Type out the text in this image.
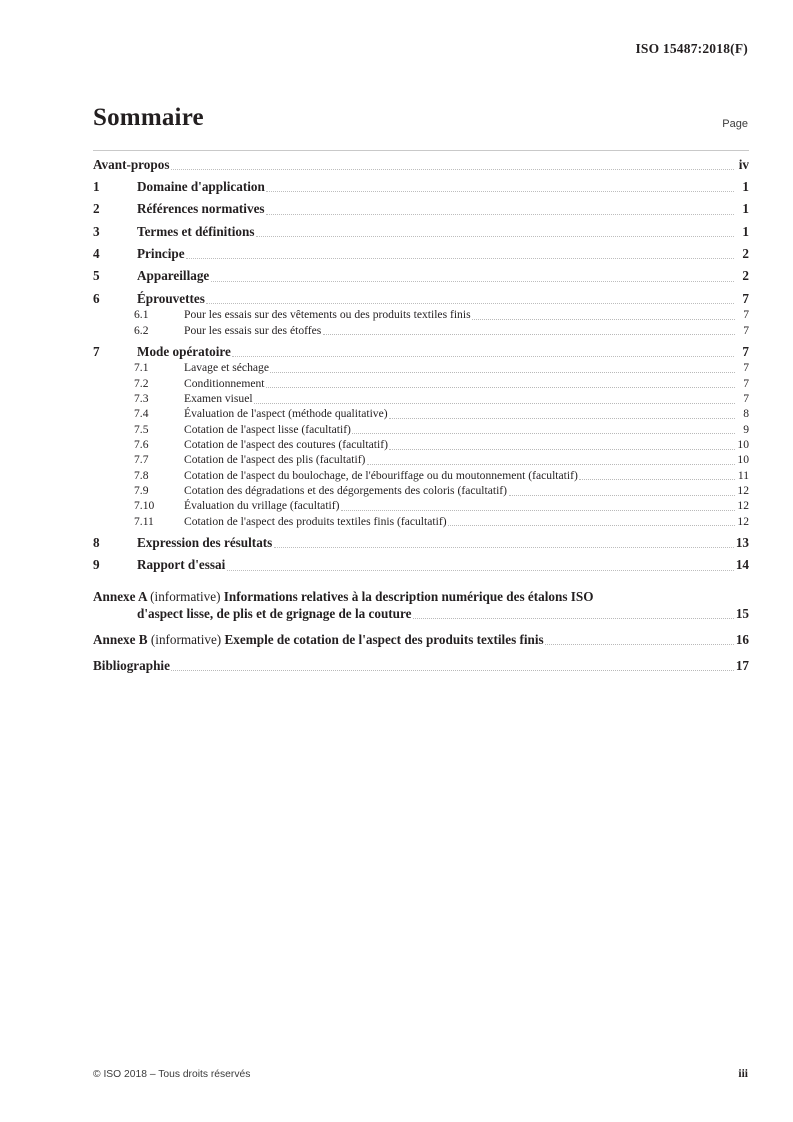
ISO 15487:2018(F)
Sommaire	Page
Avant-propos	iv
1	Domaine d'application	1
2	Références normatives	1
3	Termes et définitions	1
4	Principe	2
5	Appareillage	2
6	Éprouvettes	7
6.1	Pour les essais sur des vêtements ou des produits textiles finis	7
6.2	Pour les essais sur des étoffes	7
7	Mode opératoire	7
7.1	Lavage et séchage	7
7.2	Conditionnement	7
7.3	Examen visuel	7
7.4	Évaluation de l'aspect (méthode qualitative)	8
7.5	Cotation de l'aspect lisse (facultatif)	9
7.6	Cotation de l'aspect des coutures (facultatif)	10
7.7	Cotation de l'aspect des plis (facultatif)	10
7.8	Cotation de l'aspect du boulochage, de l'ébouriffage ou du moutonnement (facultatif)	11
7.9	Cotation des dégradations et des dégorgements des coloris (facultatif)	12
7.10	Évaluation du vrillage (facultatif)	12
7.11	Cotation de l'aspect des produits textiles finis (facultatif)	12
8	Expression des résultats	13
9	Rapport d'essai	14
Annexe A (informative) Informations relatives à la description numérique des étalons ISO
d'aspect lisse, de plis et de grignage de la couture	15
Annexe B (informative) Exemple de cotation de l'aspect des produits textiles finis	16
Bibliographie	17
© ISO 2018 – Tous droits réservés	iii
